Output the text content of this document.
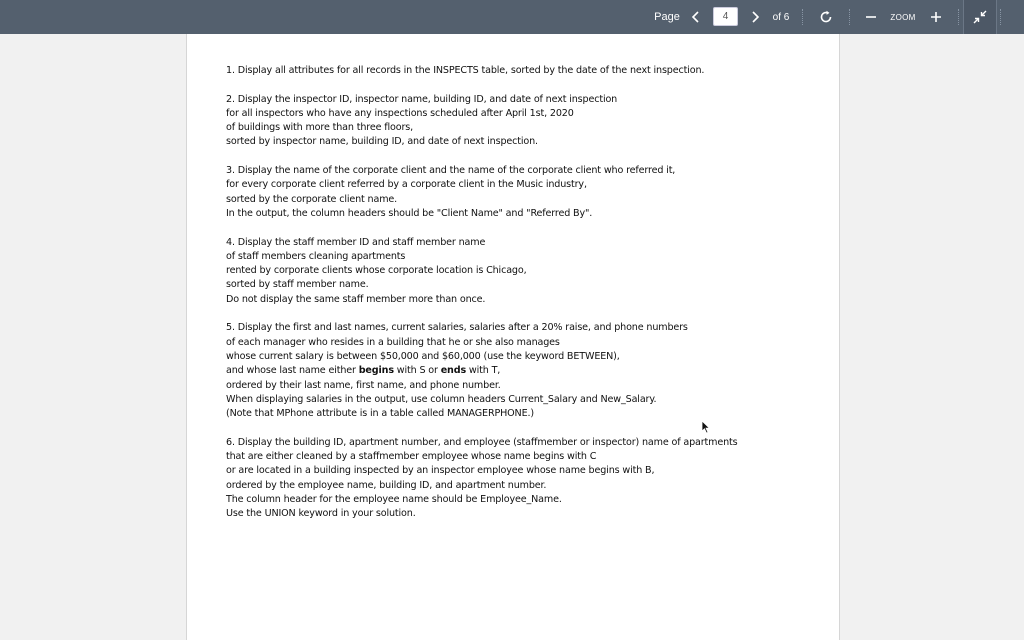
Page	4	of 6	ZOOM
1. Display all attributes for all records in the INSPECTS table, sorted by the date of the next inspection.
2. Display the inspector ID, inspector name, building ID, and date of next inspection
for all inspectors who have any inspections scheduled after April 1st, 2020
of buildings with more than three floors,
sorted by inspector name, building ID, and date of next inspection.
3. Display the name of the corporate client and the name of the corporate client who referred it,
for every corporate client referred by a corporate client in the Music industry,
sorted by the corporate client name.
In the output, the column headers should be "Client Name" and "Referred By".
4. Display the staff member ID and staff member name
of staff members cleaning apartments
rented by corporate clients whose corporate location is Chicago,
sorted by staff member name.
Do not display the same staff member more than once.
5. Display the first and last names, current salaries, salaries after a 20% raise, and phone numbers
of each manager who resides in a building that he or she also manages
whose current salary is between $50,000 and $60,000 (use the keyword BETWEEN),
and whose last name either begins with S or ends with T,
ordered by their last name, first name, and phone number.
When displaying salaries in the output, use column headers Current_Salary and New_Salary.
(Note that MPhone attribute is in a table called MANAGERPHONE.)
6. Display the building ID, apartment number, and employee (staffmember or inspector) name of apartments
that are either cleaned by a staffmember employee whose name begins with C
or are located in a building inspected by an inspector employee whose name begins with B,
ordered by the employee name, building ID, and apartment number.
The column header for the employee name should be Employee_Name.
Use the UNION keyword in your solution.
